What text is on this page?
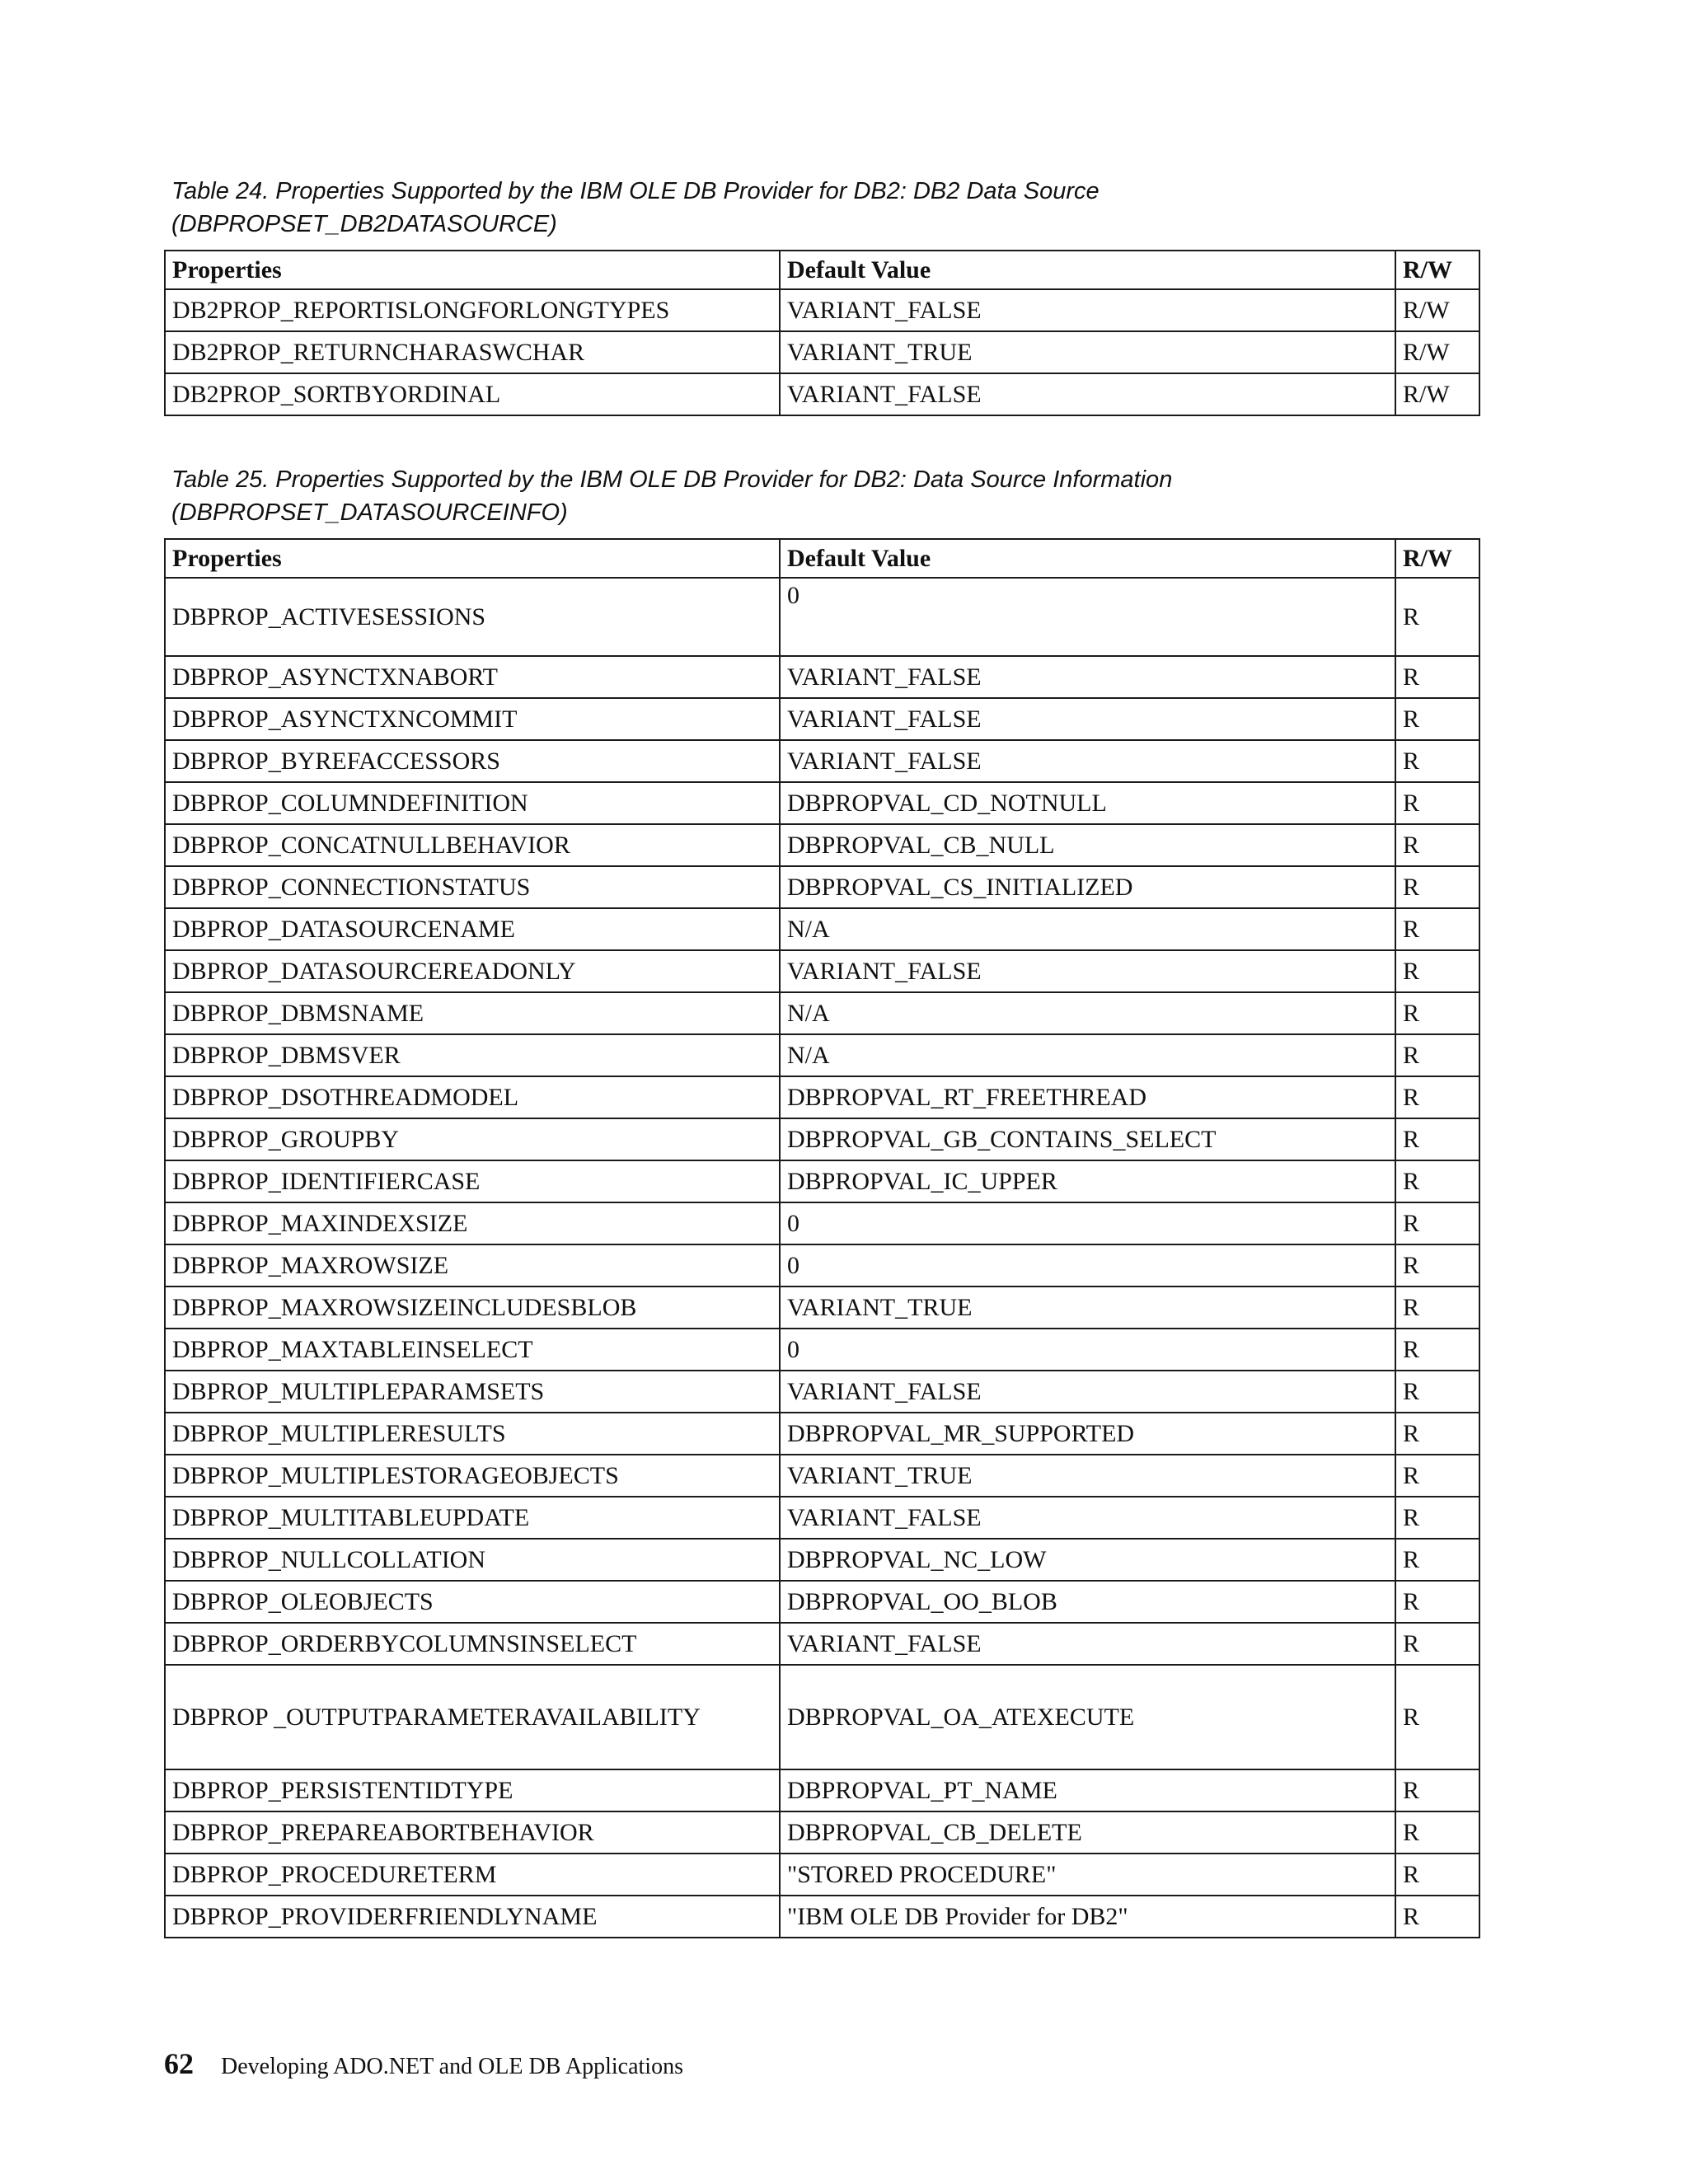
Table 24. Properties Supported by the IBM OLE DB Provider for DB2: DB2 Data Source
(DBPROPSET_DB2DATASOURCE)
Properties	Default Value	R/W
DB2PROP_REPORTISLONGFORLONGTYPES	VARIANT_FALSE	R/W
DB2PROP_RETURNCHARASWCHAR	VARIANT_TRUE	R/W
DB2PROP_SORTBYORDINAL	VARIANT_FALSE	R/W
Table 25. Properties Supported by the IBM OLE DB Provider for DB2: Data Source Information
(DBPROPSET_DATASOURCEINFO)
Properties	Default Value	R/W
DBPROP_ACTIVESESSIONS	0	R
DBPROP_ASYNCTXNABORT	VARIANT_FALSE	R
DBPROP_ASYNCTXNCOMMIT	VARIANT_FALSE	R
DBPROP_BYREFACCESSORS	VARIANT_FALSE	R
DBPROP_COLUMNDEFINITION	DBPROPVAL_CD_NOTNULL	R
DBPROP_CONCATNULLBEHAVIOR	DBPROPVAL_CB_NULL	R
DBPROP_CONNECTIONSTATUS	DBPROPVAL_CS_INITIALIZED	R
DBPROP_DATASOURCENAME	N/A	R
DBPROP_DATASOURCEREADONLY	VARIANT_FALSE	R
DBPROP_DBMSNAME	N/A	R
DBPROP_DBMSVER	N/A	R
DBPROP_DSOTHREADMODEL	DBPROPVAL_RT_FREETHREAD	R
DBPROP_GROUPBY	DBPROPVAL_GB_CONTAINS_SELECT	R
DBPROP_IDENTIFIERCASE	DBPROPVAL_IC_UPPER	R
DBPROP_MAXINDEXSIZE	0	R
DBPROP_MAXROWSIZE	0	R
DBPROP_MAXROWSIZEINCLUDESBLOB	VARIANT_TRUE	R
DBPROP_MAXTABLEINSELECT	0	R
DBPROP_MULTIPLEPARAMSETS	VARIANT_FALSE	R
DBPROP_MULTIPLERESULTS	DBPROPVAL_MR_SUPPORTED	R
DBPROP_MULTIPLESTORAGEOBJECTS	VARIANT_TRUE	R
DBPROP_MULTITABLEUPDATE	VARIANT_FALSE	R
DBPROP_NULLCOLLATION	DBPROPVAL_NC_LOW	R
DBPROP_OLEOBJECTS	DBPROPVAL_OO_BLOB	R
DBPROP_ORDERBYCOLUMNSINSELECT	VARIANT_FALSE	R
DBPROP _OUTPUTPARAMETERAVAILABILITY	DBPROPVAL_OA_ATEXECUTE	R
DBPROP_PERSISTENTIDTYPE	DBPROPVAL_PT_NAME	R
DBPROP_PREPAREABORTBEHAVIOR	DBPROPVAL_CB_DELETE	R
DBPROP_PROCEDURETERM	"STORED PROCEDURE"	R
DBPROP_PROVIDERFRIENDLYNAME	"IBM OLE DB Provider for DB2"	R
62 Developing ADO.NET and OLE DB Applications
